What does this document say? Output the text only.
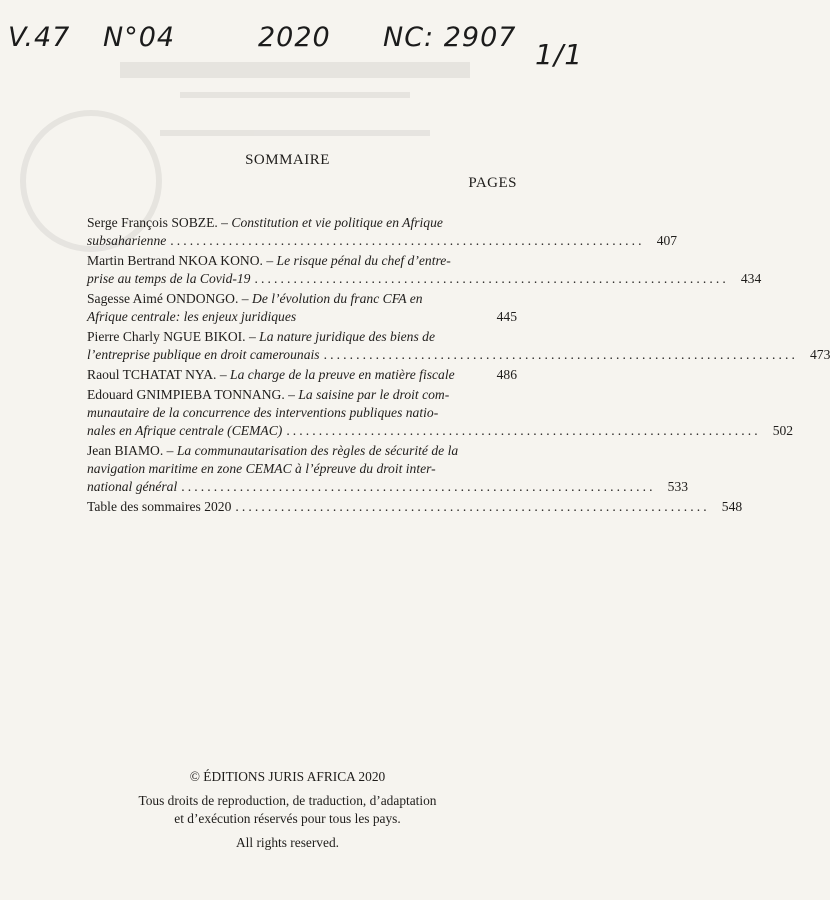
V.47 N°04	2020 NC: 2907
1/1
SOMMAIRE
PAGES
Serge François SOBZE. – Constitution et vie politique en Afrique
subsaharienne ......................................................................... 407
Martin Bertrand NKOA KONO. – Le risque pénal du chef d’entre-
prise au temps de la Covid-19 ......................................................................... 434
Sagesse Aimé ONDONGO. – De l’évolution du franc CFA en
Afrique centrale: les enjeux juridiques	445
Pierre Charly NGUE BIKOI. – La nature juridique des biens de
l’entreprise publique en droit camerounais ......................................................................... 473
Raoul TCHATAT NYA. – La charge de la preuve en matière fiscale	486
Edouard GNIMPIEBA TONNANG. – La saisine par le droit com-
munautaire de la concurrence des interventions publiques natio-
nales en Afrique centrale (CEMAC) ......................................................................... 502
Jean BIAMO. – La communautarisation des règles de sécurité de la
navigation maritime en zone CEMAC à l’épreuve du droit inter-
national général ......................................................................... 533
Table des sommaires 2020 ......................................................................... 548
© ÉDITIONS JURIS AFRICA 2020
Tous droits de reproduction, de traduction, d’adaptation
et d’exécution réservés pour tous les pays.
All rights reserved.
